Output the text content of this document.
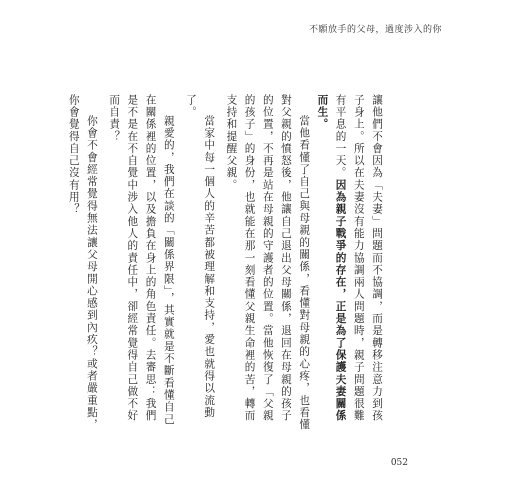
不願放手的父母，過度涉入的你

讓他們不會因為「夫妻」問題而不協調，而是轉移注意力到孩子身上。所以在夫妻沒有能力協調兩人問題時，親子問題很難有平息的一天。因為親子戰爭的存在，正是為了保護夫妻關係而生。

當他看懂了自己與母親的關係，看懂對母親的心疼，也看懂對父親的憤怒後，他讓自己退出父母關係，退回在母親的孩子的位置，不再是站在母親的守護者的位置。當他恢復了「父親的孩子」的身份，也就能在那一刻看懂父親生命裡的苦，轉而支持和提醒父親。

當家中每一個人的辛苦都被理解和支持，愛也就得以流動了。

親愛的，我們在談的「關係界限」，其實就是不斷看懂自己在關係裡的位置，以及擔負在身上的角色責任。去審思：我們是不是在不自覺中涉入他人的責任中，卻經常覺得自己做不好而自責？

你會不會經常覺得無法讓父母開心感到內疚？或者嚴重點，你會覺得自己沒有用？

052
